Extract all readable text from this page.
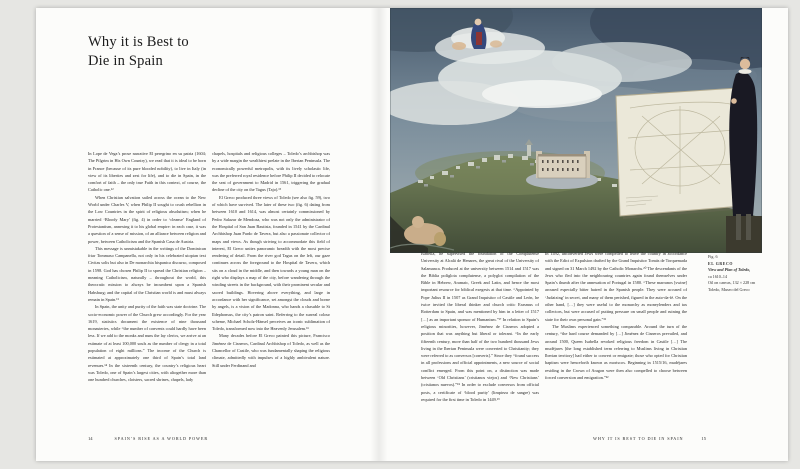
Why it is Best to
Die in Spain

In Lope de Vega’s prose narrative El peregrino en su patria (1604; The Pilgrim in His Own Country), we read that it is ideal to be born in France (because of its pure blooded nobility), to live in Italy (in view of its liberties and zest for life), and to die in Spain, in the comfort of faith – the only true Faith in this context, of course, the Catholic one.¹²

When Christian salvation sailed across the ocean to the New World under Charles V, when Philip II sought to crush rebellion in the Low Countries in the spirit of religious absolutism; when he married ‘Bloody Mary’ (fig. 4) in order to ‘cleanse’ England of Protestantism, annexing it to his global empire: in each case, it was a question of a sense of mission, of an alliance between religion and power, between Catholicism and the Spanish Casa de Austria.

This message is unmistakable in the writings of the Dominican friar Tommaso Campanella, not only in his celebrated utopian text Civitas solis but also in De monarchia hispanica discurso, composed in 1598. God has chosen Philip II to spread the Christian religion – meaning Catholicism, naturally – throughout the world, this theocratic mission to always be incumbent upon a Spanish Habsburg; and the capital of the Christian world is and must always remain in Spain.¹³

In Spain, the unity and purity of the faith was state doctrine. The socio-economic power of the Church grew accordingly. For the year 1619, statistics document the existence of nine thousand monasteries, while “the number of convents could hardly have been less. If we add to the monks and nuns the lay clerics, we arrive at an estimate of at least 100,000 souls as the number of clergy in a total population of eight millions.” The income of the Church is estimated at approximately one third of Spain’s total land revenues.¹⁴ In the sixteenth century, the country’s religious heart was Toledo, one of Spain’s largest cities, with altogether more than one hundred churches, cloisters, sacred shrines, chapels, lady

chapels, hospitals and religious colleges – Toledo’s archbishop was by a wide margin the wealthiest prelate in the Iberian Peninsula. The economically powerful metropolis, with its lively scholastic life, was the preferred royal residence before Philip II decided to relocate the seat of government to Madrid in 1561, triggering the gradual decline of the city on the Tagus (Tajo).¹⁵

El Greco produced three views of Toledo (see also fig. 59), two of which have survived. The later of these two (fig. 6) dating from between 1610 and 1614, was almost certainly commissioned by Pedro Salazar de Mendoza, who was not only the administrator of the Hospital of San Juan Bautista, founded in 1541 by the Cardinal Archbishop Juan Pardo de Tavera, but also a passionate collector of maps and views. As though striving to accommodate this field of interest, El Greco unites panoramic breadth with the most precise rendering of detail. From the river god Tagus on the left, our gaze continues across the foreground to the Hospital de Tavera, which sits on a cloud in the middle, and then towards a young man on the right who displays a map of the city, before wandering through the winding streets in the background, with their prominent secular and sacred buildings. Hovering above everything, and large in accordance with her significance, set amongst the clouds and borne by angels, is a vision of the Madonna, who hands a chasuble to St Ildephonsus, the city’s patron saint. Referring to the surreal colour scheme, Michael Scholz-Hänsel perceives an iconic sublimation of Toledo, transformed now into the Heavenly Jerusalem.¹⁶

Many decades before El Greco painted this picture, Francisco Jiménez de Cisneros, Cardinal Archbishop of Toledo, as well as the Chancellor of Castile, who was fundamentally shaping the religious climate, admittedly with impulses of a highly ambivalent nature. Still under Ferdinand and

14	SPAIN’S RISE AS A WORLD POWER
Fig. 6
EL GRECO
View and Plan of Toledo,
ca 1610–14
Oil on canvas, 132 × 228 cm
Toledo, Museo del Greco

Isabella, he supervised the foundation of the Complutense University at Alcalá de Henares, the great rival of the University of Salamanca. Produced at the university between 1514 and 1517 was the Biblia políglota complutense, a polyglot compilation of the Bible in Hebrew, Aramaic, Greek and Latin, and hence the most important resource for biblical exegesis at that time. “Appointed by Pope Julius II in 1507 as Grand Inquisitor of Castile and León, he twice invited the liberal thinker and church critic Erasmus of Rotterdam to Spain, and was mentioned by him in a letter of 1517 […] as an important sponsor of Humanism.”¹⁷ In relation to Spain’s religious minorities, however, Jiménez de Cisneros adopted a position that was anything but liberal or tolerant. “In the early fifteenth century, more than half of the two hundred thousand Jews living in the Iberian Peninsula were converted to Christianity; they were referred to as conversos [converts].” Since they “found success in all professions and official appointments, a new source of social conflict emerged. From this point on, a distinction was made between ‘Old Christians’ (cristianos viejos) and ‘New Christians’ (cristianos nuevos).”¹⁸ In order to exclude conversos from official posts, a certificate of ‘blood purity’ (limpieza de sangre) was required for the first time in Toledo in 1449.¹⁹

In 1492, unconverted Jews were compelled to leave the country in accordance with the Edict of Expulsion drafted by the Grand Inquisitor Tomás de Torquemada and signed on 31 March 1492 by the Catholic Monarchs.²⁰ The descendants of the Jews who fled into the neighbouring countries again found themselves under Spain’s thumb after the annexation of Portugal in 1580. “These marranos [swine] aroused especially bitter hatred in the Spanish people. They were accused of ‘Judaizing’ in secret, and many of them perished, figured in the auto-da-fé. On the other hand, […] they were useful to the monarchy as moneylenders and tax collectors, but were accused of putting pressure on small people and ruining the state for their own personal gain.”²¹

The Muslims experienced something comparable. Around the turn of the century, “the hard course demanded by […] Jiménez de Cisneros prevailed, and around 1500, Queen Isabella revoked religious freedom in Castile […] The mudéjares [the long established term referring to Muslims living in Christian Iberian territory] had either to convert or emigrate; those who opted for Christian baptism were henceforth known as moriscos. Beginning in 1515/16, mudéjares residing in the Crown of Aragon were then also compelled to choose between forced conversion and emigration.”²²

WHY IT IS BEST TO DIE IN SPAIN	15
